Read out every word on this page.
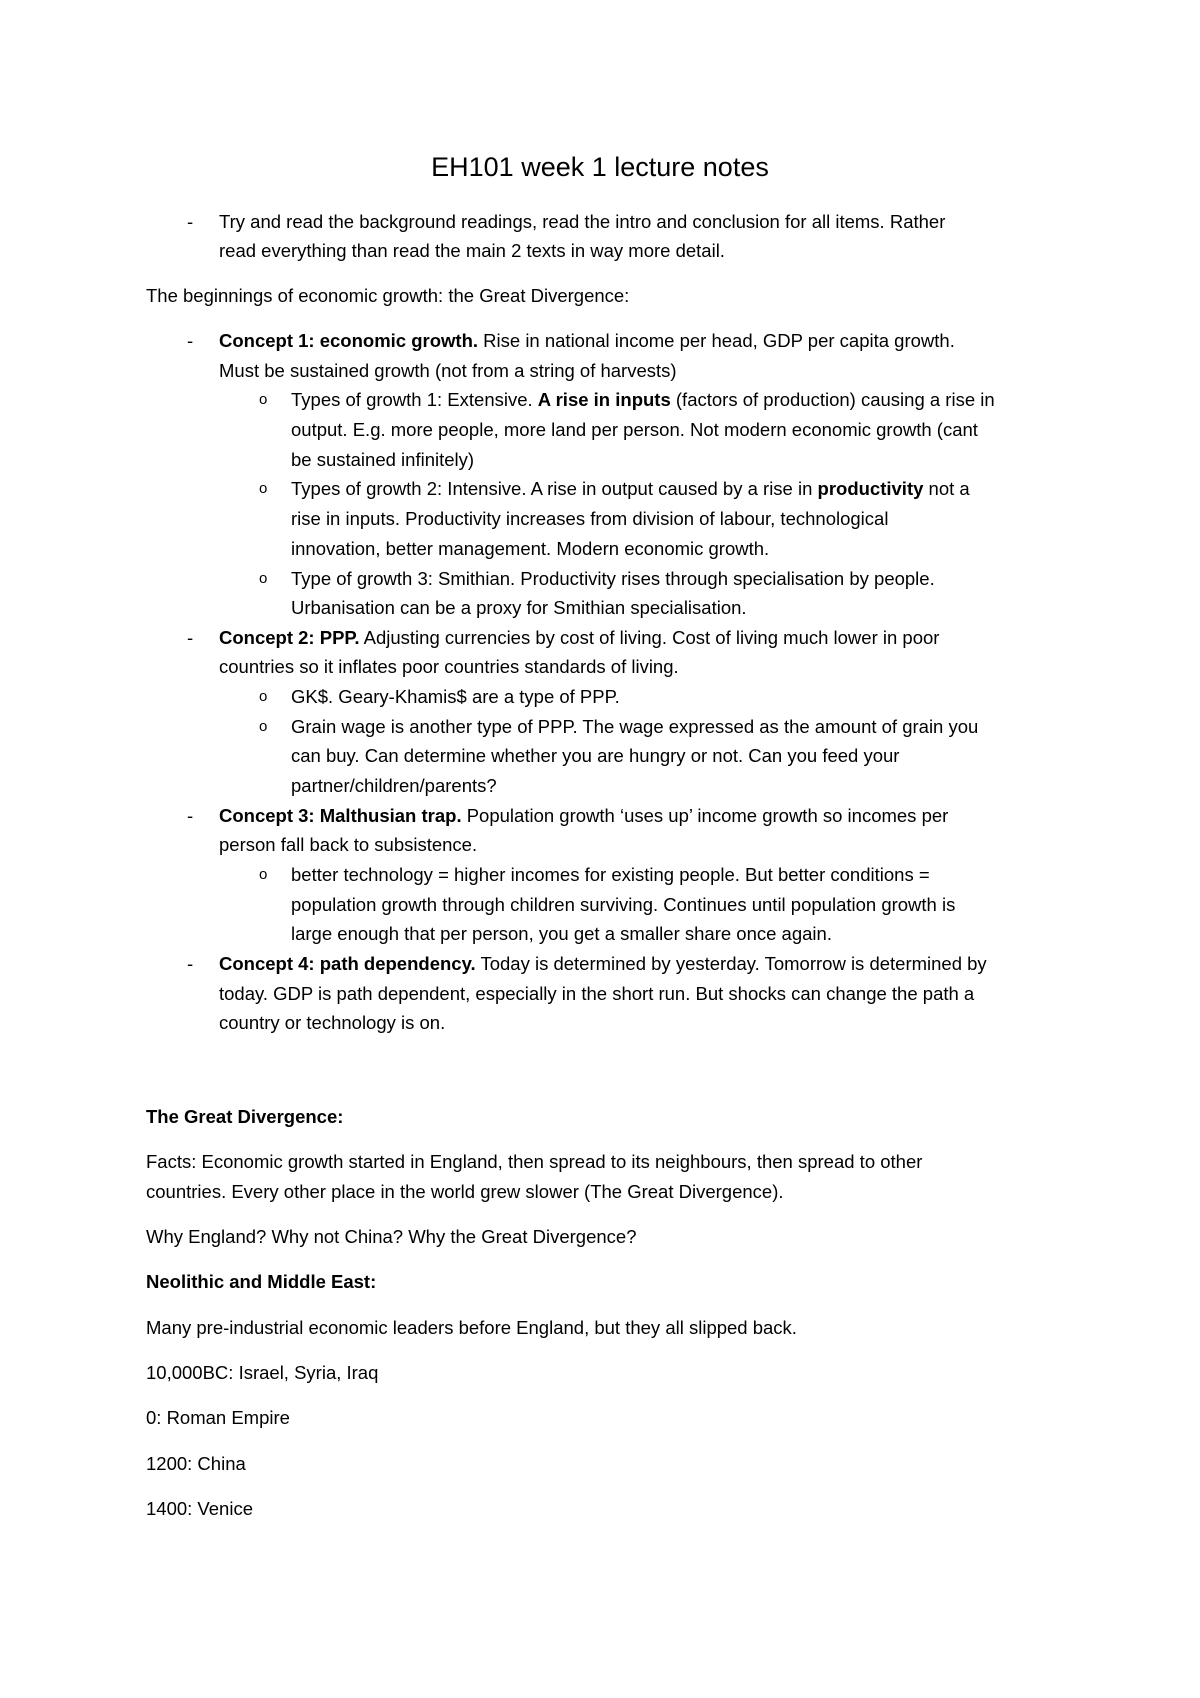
EH101 week 1 lecture notes
- Try and read the background readings, read the intro and conclusion for all items. Rather
read everything than read the main 2 texts in way more detail.
The beginnings of economic growth: the Great Divergence:
- Concept 1: economic growth. Rise in national income per head, GDP per capita growth.
Must be sustained growth (not from a string of harvests)
o Types of growth 1: Extensive. A rise in inputs (factors of production) causing a rise in
output. E.g. more people, more land per person. Not modern economic growth (cant
be sustained infinitely)
o Types of growth 2: Intensive. A rise in output caused by a rise in productivity not a
rise in inputs. Productivity increases from division of labour, technological
innovation, better management. Modern economic growth.
o Type of growth 3: Smithian. Productivity rises through specialisation by people.
Urbanisation can be a proxy for Smithian specialisation.
- Concept 2: PPP. Adjusting currencies by cost of living. Cost of living much lower in poor
countries so it inflates poor countries standards of living.
o GK$. Geary-Khamis$ are a type of PPP.
o Grain wage is another type of PPP. The wage expressed as the amount of grain you
can buy. Can determine whether you are hungry or not. Can you feed your
partner/children/parents?
- Concept 3: Malthusian trap. Population growth ‘uses up’ income growth so incomes per
person fall back to subsistence.
o better technology = higher incomes for existing people. But better conditions =
population growth through children surviving. Continues until population growth is
large enough that per person, you get a smaller share once again.
- Concept 4: path dependency. Today is determined by yesterday. Tomorrow is determined by
today. GDP is path dependent, especially in the short run. But shocks can change the path a
country or technology is on.
The Great Divergence:
Facts: Economic growth started in England, then spread to its neighbours, then spread to other
countries. Every other place in the world grew slower (The Great Divergence).
Why England? Why not China? Why the Great Divergence?
Neolithic and Middle East:
Many pre-industrial economic leaders before England, but they all slipped back.
10,000BC: Israel, Syria, Iraq
0: Roman Empire
1200: China
1400: Venice
